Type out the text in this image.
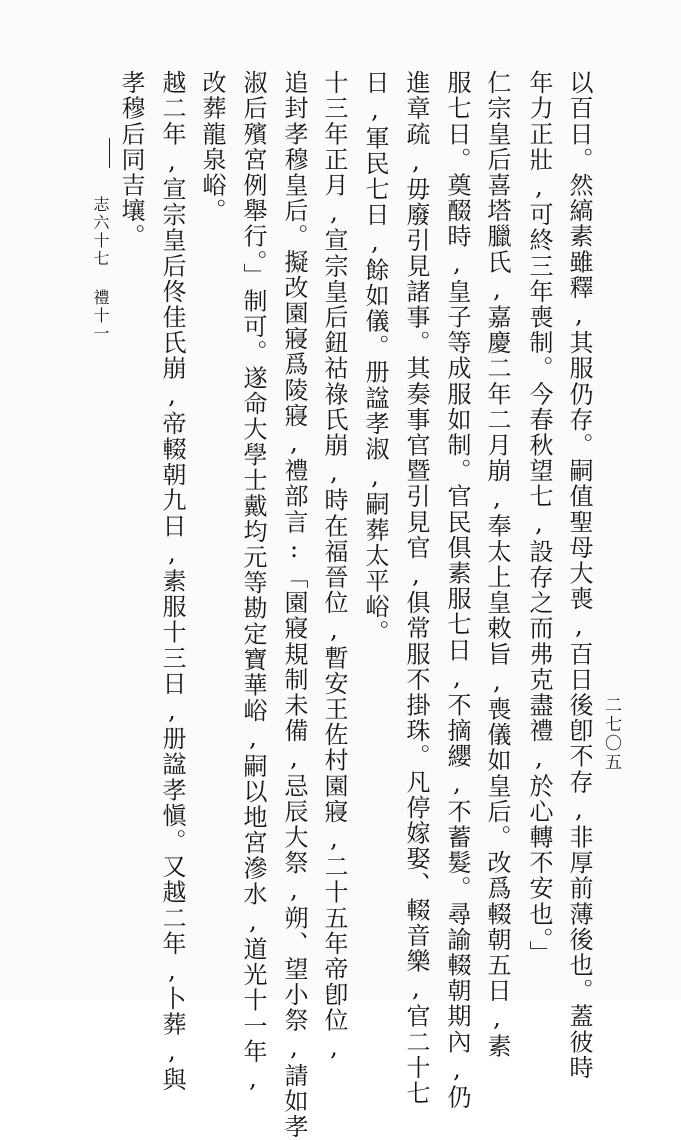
以百日。然縞素雖釋,其服仍存。嗣值聖母大喪,百日後卽不存,非厚前薄後也。蓋彼時
年力正壯,可終三年喪制。今春秋望七,設存之而弗克盡禮,於心轉不安也。」
仁宗皇后喜塔臘氏,嘉慶二年二月崩,奉太上皇敕旨,喪儀如皇后。改爲輟朝五日,素
服七日。奠醊時,皇子等成服如制。官民俱素服七日,不摘纓,不蓄髮。尋諭輟朝期內,仍
進章疏,毋廢引見諸事。其奏事官暨引見官,俱常服不掛珠。凡停嫁娶、輟音樂,官二十七
日,軍民七日,餘如儀。册諡孝淑,嗣葬太平峪。
十三年正月,宣宗皇后鈕祜祿氏崩,時在福晉位,暫安王佐村園寢,二十五年帝卽位,
追封孝穆皇后。擬改園寢爲陵寢,禮部言:「園寢規制未備,忌辰大祭,朔、望小祭,請如孝
淑后殯宮例舉行。」制可。遂命大學士戴均元等勘定寶華峪,嗣以地宮滲水,道光十一年,
改葬龍泉峪。
越二年,宣宗皇后佟佳氏崩,帝輟朝九日,素服十三日,册諡孝愼。又越二年,卜葬,與
孝穆后同吉壤。
志六十七 禮十一
二七〇五
